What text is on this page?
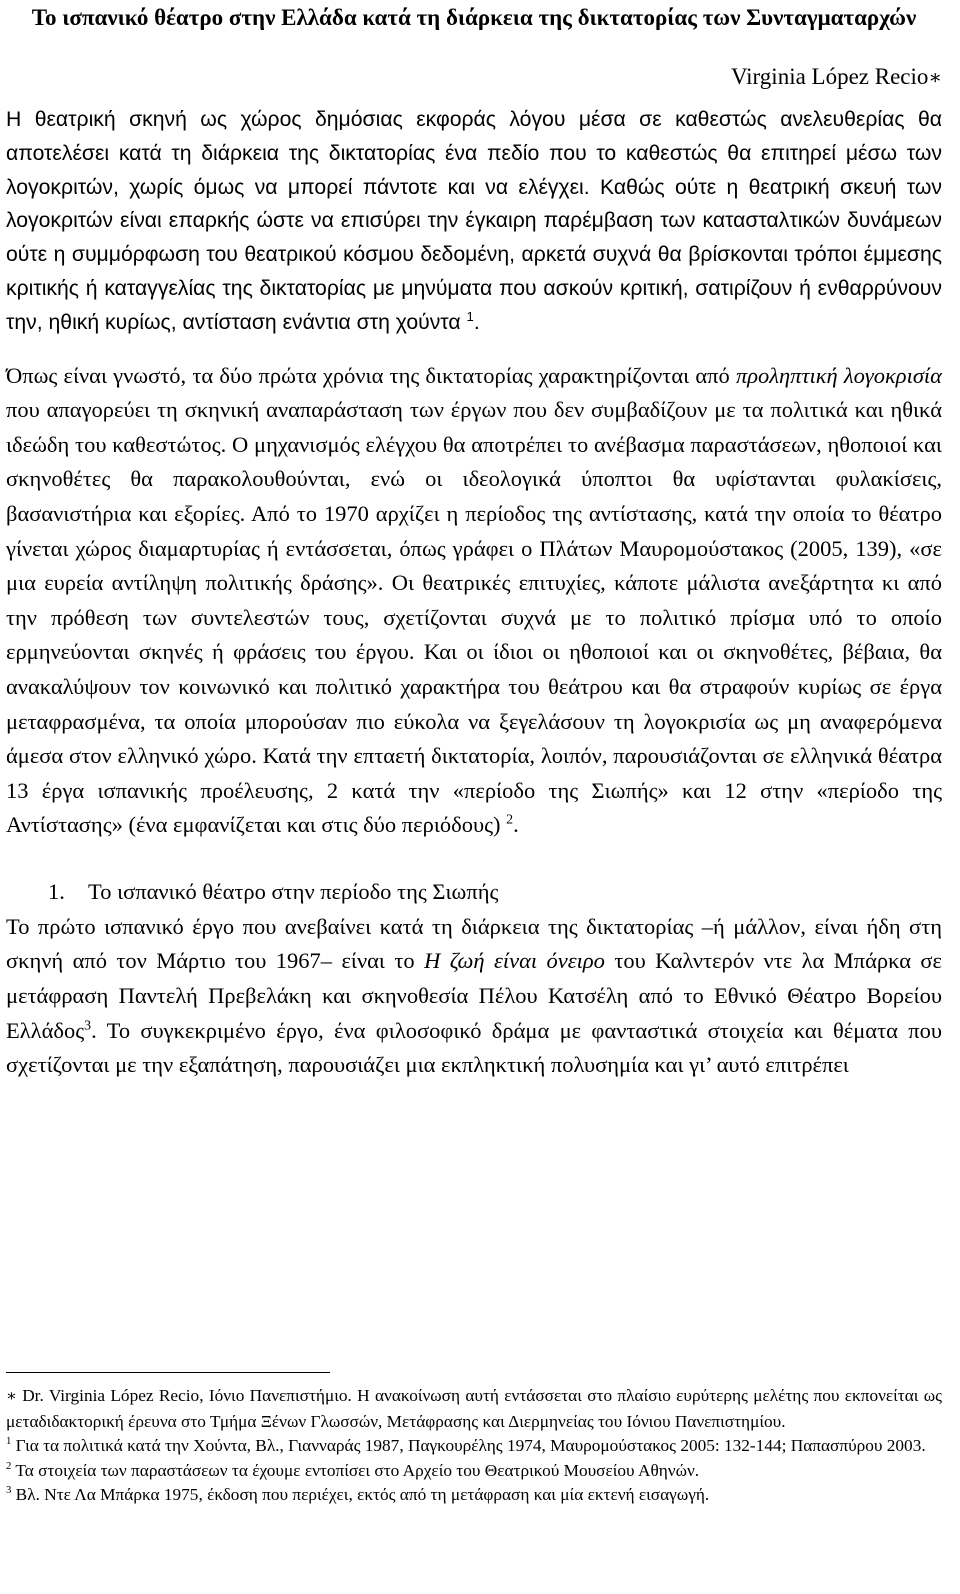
Το ισπανικό θέατρο στην Ελλάδα κατά τη διάρκεια της δικτατορίας των Συνταγματαρχών
Virginia López Recio∗

Η θεατρική σκηνή ως χώρος δημόσιας εκφοράς λόγου μέσα σε καθεστώς ανελευθερίας θα αποτελέσει κατά τη διάρκεια της δικτατορίας ένα πεδίο που το καθεστώς θα επιτηρεί μέσω των λογοκριτών, χωρίς όμως να μπορεί πάντοτε και να ελέγχει. Καθώς ούτε η θεατρική σκευή των λογοκριτών είναι επαρκής ώστε να επισύρει την έγκαιρη παρέμβαση των κατασταλτικών δυνάμεων ούτε η συμμόρφωση του θεατρικού κόσμου δεδομένη, αρκετά συχνά θα βρίσκονται τρόποι έμμεσης κριτικής ή καταγγελίας της δικτατορίας με μηνύματα που ασκούν κριτική, σατιρίζουν ή ενθαρρύνουν την, ηθική κυρίως, αντίσταση ενάντια στη χούντα $^1$.

Όπως είναι γνωστό, τα δύο πρώτα χρόνια της δικτατορίας χαρακτηρίζονται από προληπτική λογοκρισία που απαγορεύει τη σκηνική αναπαράσταση των έργων που δεν συμβαδίζουν με τα πολιτικά και ηθικά ιδεώδη του καθεστώτος. Ο μηχανισμός ελέγχου θα αποτρέπει το ανέβασμα παραστάσεων, ηθοποιοί και σκηνοθέτες θα παρακολουθούνται, ενώ οι ιδεολογικά ύποπτοι θα υφίστανται φυλακίσεις, βασανιστήρια και εξορίες. Από το 1970 αρχίζει η περίοδος της αντίστασης, κατά την οποία το θέατρο γίνεται χώρος διαμαρτυρίας ή εντάσσεται, όπως γράφει ο Πλάτων Μαυρομούστακος (2005, 139), «σε μια ευρεία αντίληψη πολιτικής δράσης». Οι θεατρικές επιτυχίες, κάποτε μάλιστα ανεξάρτητα κι από την πρόθεση των συντελεστών τους, σχετίζονται συχνά με το πολιτικό πρίσμα υπό το οποίο ερμηνεύονται σκηνές ή φράσεις του έργου. Και οι ίδιοι οι ηθοποιοί και οι σκηνοθέτες, βέβαια, θα ανακαλύψουν τον κοινωνικό και πολιτικό χαρακτήρα του θεάτρου και θα στραφούν κυρίως σε έργα μεταφρασμένα, τα οποία μπορούσαν πιο εύκολα να ξεγελάσουν τη λογοκρισία ως μη αναφερόμενα άμεσα στον ελληνικό χώρο. Κατά την επταετή δικτατορία, λοιπόν, παρουσιάζονται σε ελληνικά θέατρα 13 έργα ισπανικής προέλευσης, 2 κατά την «περίοδο της Σιωπής» και 12 στην «περίοδο της Αντίστασης» (ένα εμφανίζεται και στις δύο περιόδους) $^2$.

1. Το ισπανικό θέατρο στην περίοδο της Σιωπής

Το πρώτο ισπανικό έργο που ανεβαίνει κατά τη διάρκεια της δικτατορίας –ή μάλλον, είναι ήδη στη σκηνή από τον Μάρτιο του 1967– είναι το Η ζωή είναι όνειρο του Καλντερόν ντε λα Μπάρκα σε μετάφραση Παντελή Πρεβελάκη και σκηνοθεσία Πέλου Κατσέλη από το Εθνικό Θέατρο Βορείου Ελλάδος$^3$. Το συγκεκριμένο έργο, ένα φιλοσοφικό δράμα με φανταστικά στοιχεία και θέματα που σχετίζονται με την εξαπάτηση, παρουσιάζει μια εκπληκτική πολυσημία και γι’ αυτό επιτρέπει

∗ Dr. Virginia López Recio, Ιόνιο Πανεπιστήμιο. Η ανακοίνωση αυτή εντάσσεται στο πλαίσιο ευρύτερης μελέτης που εκπονείται ως μεταδιδακτορική έρευνα στο Τμήμα Ξένων Γλωσσών, Μετάφρασης και Διερμηνείας του Ιόνιου Πανεπιστημίου.

$^1$ Για τα πολιτικά κατά την Χούντα, Βλ., Γιανναράς 1987, Παγκουρέλης 1974, Μαυρομούστακος 2005: 132-144; Παπασπύρου 2003.

$^2$ Τα στοιχεία των παραστάσεων τα έχουμε εντοπίσει στο Αρχείο του Θεατρικού Μουσείου Αθηνών.

$^3$ Βλ. Ντε Λα Μπάρκα 1975, έκδοση που περιέχει, εκτός από τη μετάφραση και μία εκτενή εισαγωγή.
